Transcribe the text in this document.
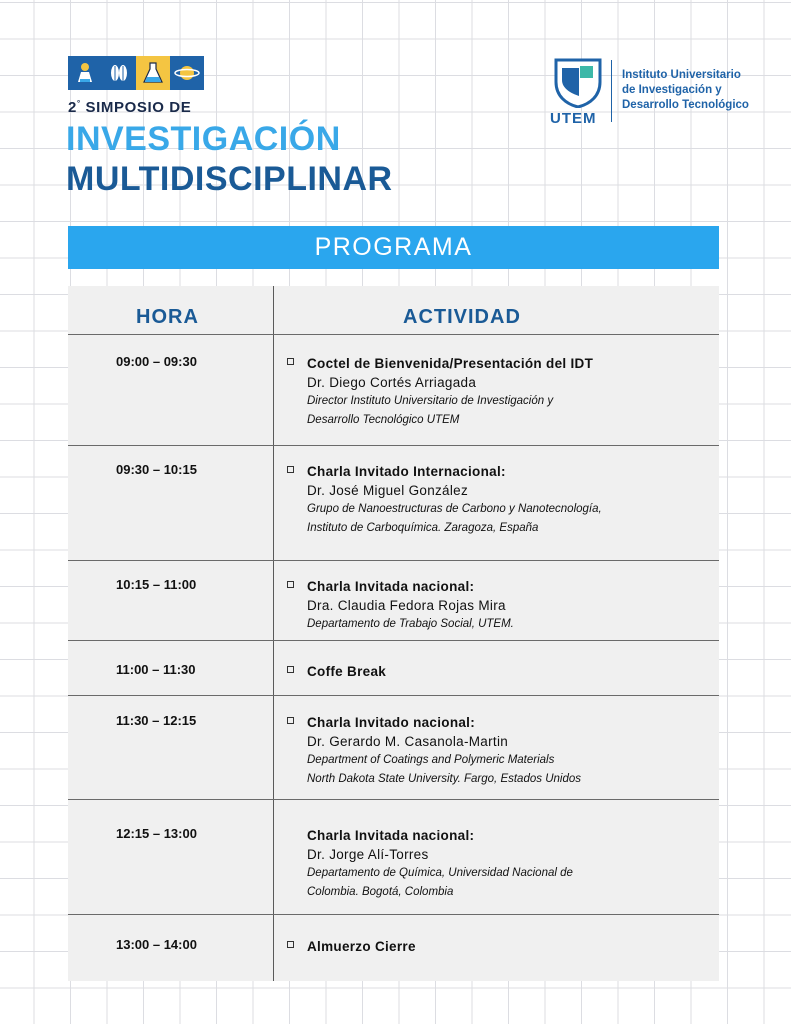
2° SIMPOSIO DE
INVESTIGACIÓN
MULTIDISCIPLINAR
UTEM
Instituto Universitario
de Investigación y
Desarrollo Tecnológico
PROGRAMA
HORA	ACTIVIDAD
09:00 – 09:30	Coctel de Bienvenida/Presentación del IDT
Dr. Diego Cortés Arriagada
Director Instituto Universitario de Investigación y
Desarrollo Tecnológico UTEM
09:30 – 10:15	Charla Invitado Internacional:
Dr. José Miguel González
Grupo de Nanoestructuras de Carbono y Nanotecnología,
Instituto de Carboquímica. Zaragoza, España
10:15 – 11:00	Charla Invitada nacional:
Dra. Claudia Fedora Rojas Mira
Departamento de Trabajo Social, UTEM.
11:00 – 11:30	Coffe Break
11:30 – 12:15	Charla Invitado nacional:
Dr. Gerardo M. Casanola-Martin
Department of Coatings and Polymeric Materials
North Dakota State University. Fargo, Estados Unidos
12:15 – 13:00	Charla Invitada nacional:
Dr. Jorge Alí-Torres
Departamento de Química, Universidad Nacional de
Colombia. Bogotá, Colombia
13:00 – 14:00	Almuerzo Cierre
